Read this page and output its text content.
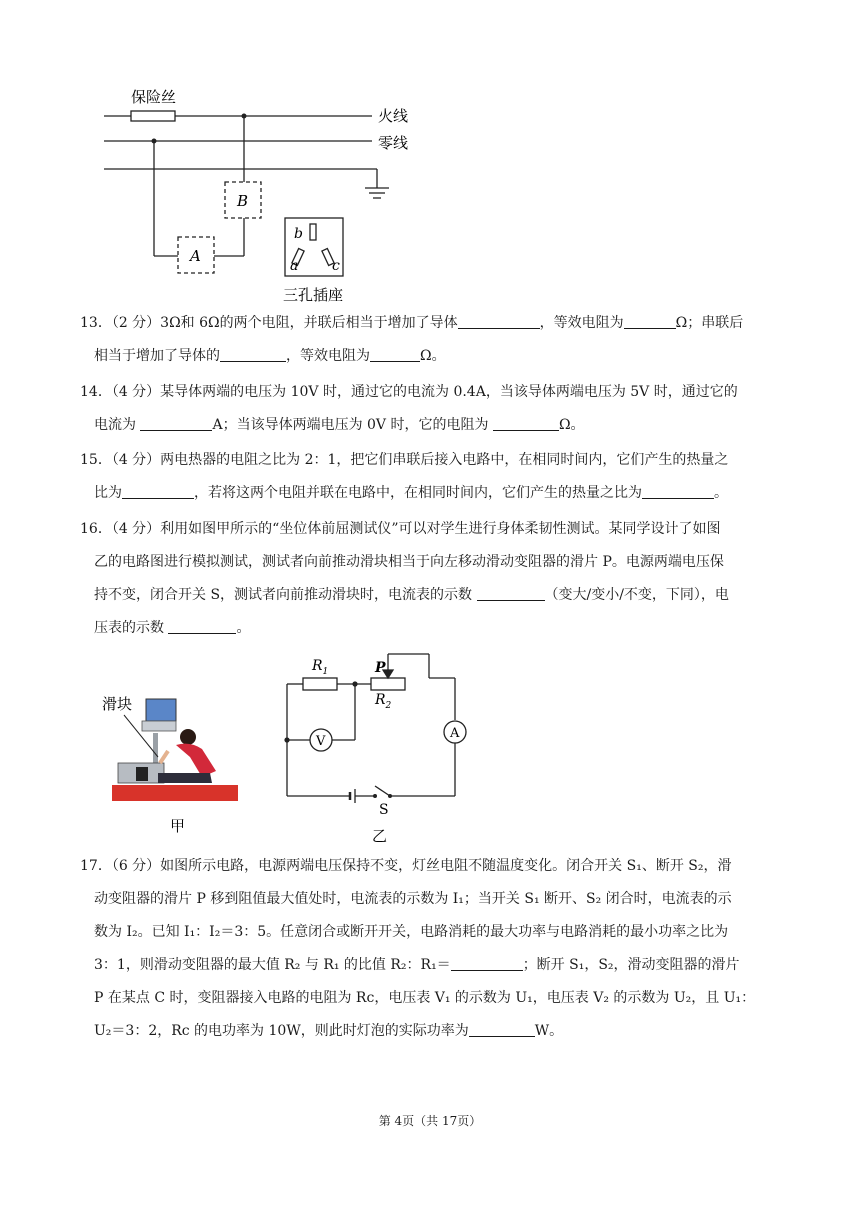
保险丝
火线
零线
B
A
b
a c
三孔插座

13．（2 分）3Ω和 6Ω的两个电阻，并联后相当于增加了导体	，等效电阻为	Ω；串联后

相当于增加了导体的	，等效电阻为	Ω。

14．（4 分）某导体两端的电压为 10V 时，通过它的电流为 0.4A，当该导体两端电压为 5V 时，通过它的

电流为	A；当该导体两端电压为 0V 时，它的电阻为	Ω。

15．（4 分）两电热器的电阻之比为 2：1，把它们串联后接入电路中，在相同时间内，它们产生的热量之

比为	，若将这两个电阻并联在电路中，在相同时间内，它们产生的热量之比为	。

16．（4 分）利用如图甲所示的“坐位体前屈测试仪”可以对学生进行身体柔韧性测试。某同学设计了如图

乙的电路图进行模拟测试，测试者向前推动滑块相当于向左移动滑动变阻器的滑片 P。电源两端电压保

持不变，闭合开关 S，测试者向前推动滑块时，电流表的示数	（变大/变小/不变，下同），电

压表的示数	。

滑块
甲
$R_1$	P
$R_2$
V
A
S
乙

17．（6 分）如图所示电路，电源两端电压保持不变，灯丝电阻不随温度变化。闭合开关 S₁、断开 S₂，滑

动变阻器的滑片 P 移到阻值最大值处时，电流表的示数为 I₁；当开关 S₁ 断开、S₂ 闭合时，电流表的示

数为 I₂。已知 I₁：I₂＝3：5。任意闭合或断开开关，电路消耗的最大功率与电路消耗的最小功率之比为

3：1，则滑动变阻器的最大值 R₂ 与 R₁ 的比值 R₂：R₁＝	；断开 S₁，S₂，滑动变阻器的滑片

P 在某点 C 时，变阻器接入电路的电阻为 Rc，电压表 V₁ 的示数为 U₁，电压表 V₂ 的示数为 U₂，且 U₁：

U₂＝3：2，Rc 的电功率为 10W，则此时灯泡的实际功率为	W。

第 4页（共 17页）
